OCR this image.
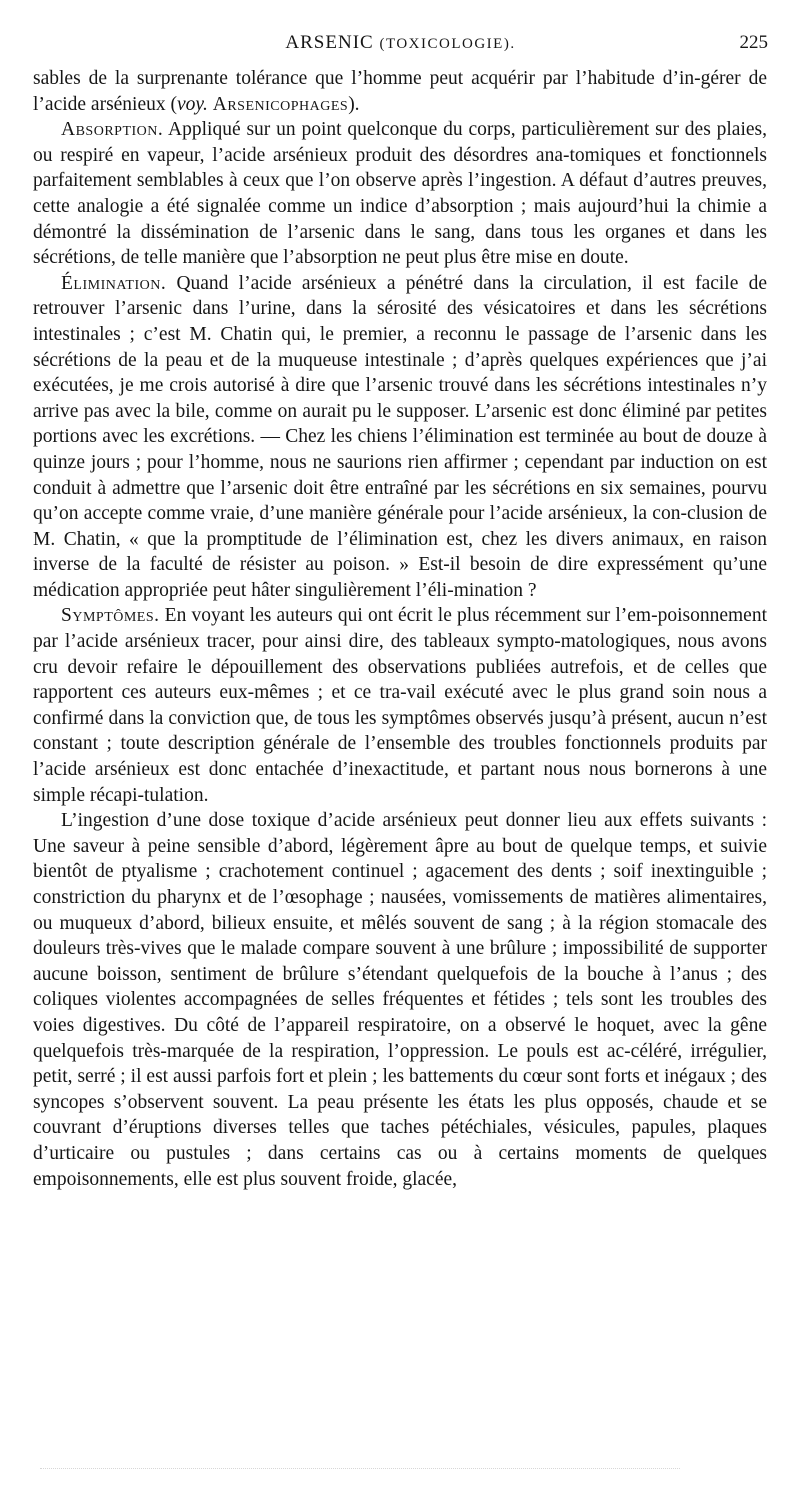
ARSENIC (TOXICOLOGIE).	225

sables de la surprenante tolérance que l’homme peut acquérir par l’habitude d’in-gérer de l’acide arsénieux (voy. Arsenicophages).

Absorption. Appliqué sur un point quelconque du corps, particulièrement sur des plaies, ou respiré en vapeur, l’acide arsénieux produit des désordres ana-tomiques et fonctionnels parfaitement semblables à ceux que l’on observe après l’ingestion. A défaut d’autres preuves, cette analogie a été signalée comme un indice d’absorption ; mais aujourd’hui la chimie a démontré la dissémination de l’arsenic dans le sang, dans tous les organes et dans les sécrétions, de telle manière que l’absorption ne peut plus être mise en doute.

Élimination. Quand l’acide arsénieux a pénétré dans la circulation, il est facile de retrouver l’arsenic dans l’urine, dans la sérosité des vésicatoires et dans les sécrétions intestinales ; c’est M. Chatin qui, le premier, a reconnu le passage de l’arsenic dans les sécrétions de la peau et de la muqueuse intestinale ; d’après quelques expériences que j’ai exécutées, je me crois autorisé à dire que l’arsenic trouvé dans les sécrétions intestinales n’y arrive pas avec la bile, comme on aurait pu le supposer. L’arsenic est donc éliminé par petites portions avec les excrétions. — Chez les chiens l’élimination est terminée au bout de douze à quinze jours ; pour l’homme, nous ne saurions rien affirmer ; cependant par induction on est conduit à admettre que l’arsenic doit être entraîné par les sécrétions en six semaines, pourvu qu’on accepte comme vraie, d’une manière générale pour l’acide arsénieux, la con-clusion de M. Chatin, « que la promptitude de l’élimination est, chez les divers animaux, en raison inverse de la faculté de résister au poison. » Est-il besoin de dire expressément qu’une médication appropriée peut hâter singulièrement l’éli-mination ?

Symptômes. En voyant les auteurs qui ont écrit le plus récemment sur l’em-poisonnement par l’acide arsénieux tracer, pour ainsi dire, des tableaux sympto-matologiques, nous avons cru devoir refaire le dépouillement des observations publiées autrefois, et de celles que rapportent ces auteurs eux-mêmes ; et ce tra-vail exécuté avec le plus grand soin nous a confirmé dans la conviction que, de tous les symptômes observés jusqu’à présent, aucun n’est constant ; toute description générale de l’ensemble des troubles fonctionnels produits par l’acide arsénieux est donc entachée d’inexactitude, et partant nous nous bornerons à une simple récapi-tulation.

L’ingestion d’une dose toxique d’acide arsénieux peut donner lieu aux effets suivants : Une saveur à peine sensible d’abord, légèrement âpre au bout de quelque temps, et suivie bientôt de ptyalisme ; crachotement continuel ; agacement des dents ; soif inextinguible ; constriction du pharynx et de l’œsophage ; nausées, vomissements de matières alimentaires, ou muqueux d’abord, bilieux ensuite, et mêlés souvent de sang ; à la région stomacale des douleurs très-vives que le malade compare souvent à une brûlure ; impossibilité de supporter aucune boisson, sentiment de brûlure s’étendant quelquefois de la bouche à l’anus ; des coliques violentes accompagnées de selles fréquentes et fétides ; tels sont les troubles des voies digestives. Du côté de l’appareil respiratoire, on a observé le hoquet, avec la gêne quelquefois très-marquée de la respiration, l’oppression. Le pouls est ac-céléré, irrégulier, petit, serré ; il est aussi parfois fort et plein ; les battements du cœur sont forts et inégaux ; des syncopes s’observent souvent. La peau présente les états les plus opposés, chaude et se couvrant d’éruptions diverses telles que taches pétéchiales, vésicules, papules, plaques d’urticaire ou pustules ; dans certains cas ou à certains moments de quelques empoisonnements, elle est plus souvent froide, glacée,
